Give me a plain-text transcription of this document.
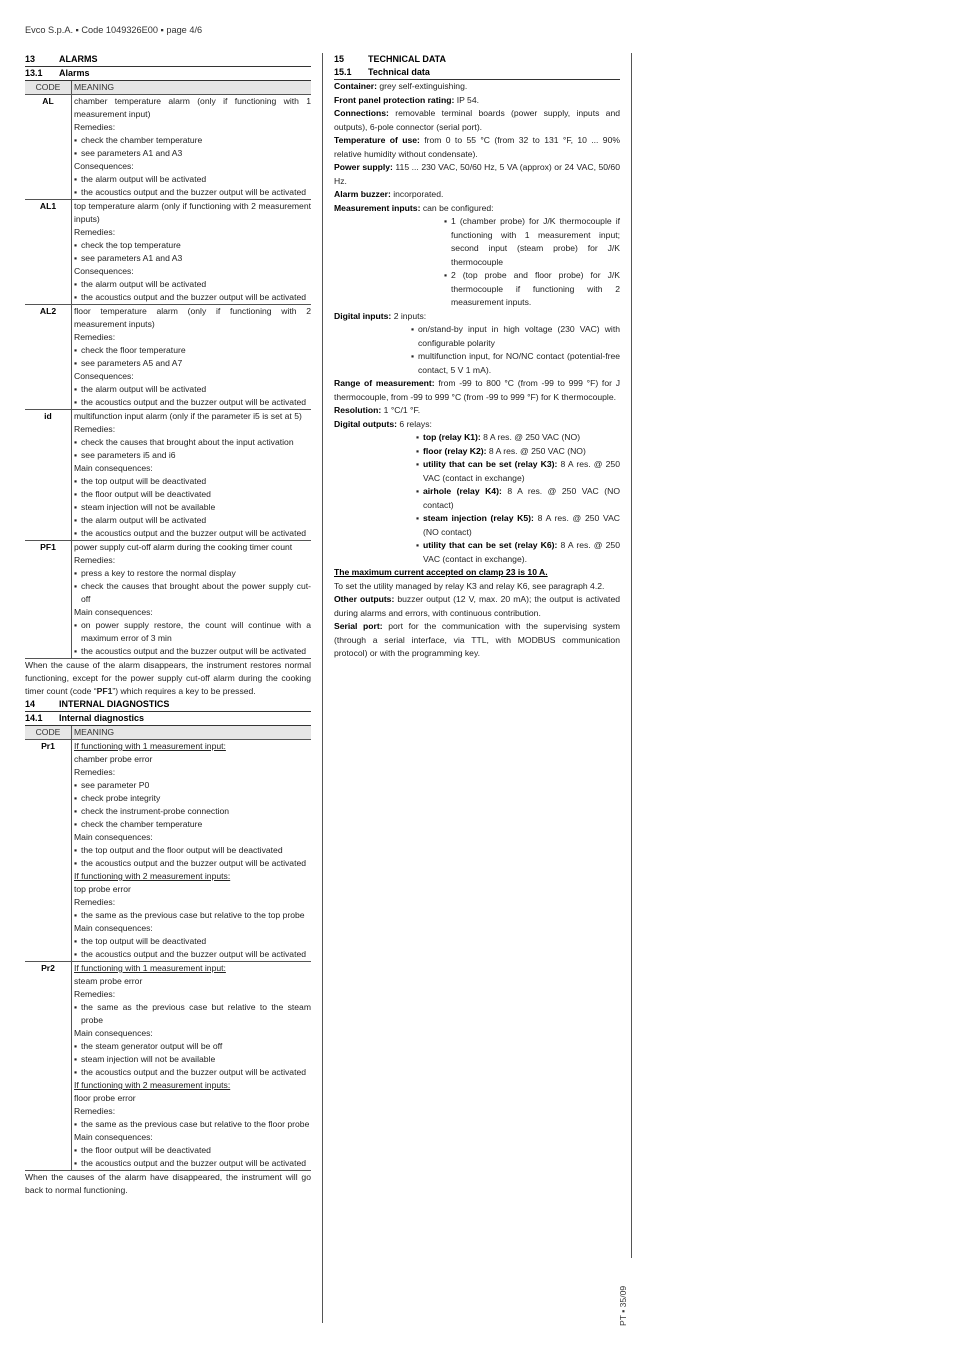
Evco S.p.A. ▪ Code 1049326E00 ▪ page 4/6
13	ALARMS
13.1	Alarms
CODE	MEANING
AL	chamber temperature alarm (only if functioning with 1 measurement input)
Remedies:
▪ check the chamber temperature
▪ see parameters A1 and A3
Consequences:
▪ the alarm output will be activated
▪ the acoustics output and the buzzer output will be activated
AL1	top temperature alarm (only if functioning with 2 measurement inputs)
Remedies:
▪ check the top temperature
▪ see parameters A1 and A3
Consequences:
▪ the alarm output will be activated
▪ the acoustics output and the buzzer output will be activated
AL2	floor temperature alarm (only if functioning with 2 measurement inputs)
Remedies:
▪ check the floor temperature
▪ see parameters A5 and A7
Consequences:
▪ the alarm output will be activated
▪ the acoustics output and the buzzer output will be activated
id	multifunction input alarm (only if the parameter i5 is set at 5)
Remedies:
▪ check the causes that brought about the input activation
▪ see parameters i5 and i6
Main consequences:
▪ the top output will be deactivated
▪ the floor output will be deactivated
▪ steam injection will not be available
▪ the alarm output will be activated
▪ the acoustics output and the buzzer output will be activated
PF1	power supply cut-off alarm during the cooking timer count
Remedies:
▪ press a key to restore the normal display
▪ check the causes that brought about the power supply cut-off
Main consequences:
▪ on power supply restore, the count will continue with a maximum error of 3 min
▪ the acoustics output and the buzzer output will be activated
When the cause of the alarm disappears, the instrument restores normal functioning, except for the power supply cut-off alarm during the cooking timer count (code “PF1”) which requires a key to be pressed.
14	INTERNAL DIAGNOSTICS
14.1	Internal diagnostics
CODE	MEANING
Pr1	If functioning with 1 measurement input:
chamber probe error
Remedies:
▪ see parameter P0
▪ check probe integrity
▪ check the instrument-probe connection
▪ check the chamber temperature
Main consequences:
▪ the top output and the floor output will be deactivated
▪ the acoustics output and the buzzer output will be activated
If functioning with 2 measurement inputs:
top probe error
Remedies:
▪ the same as the previous case but relative to the top probe
Main consequences:
▪ the top output will be deactivated
▪ the acoustics output and the buzzer output will be activated
Pr2	If functioning with 1 measurement input:
steam probe error
Remedies:
▪ the same as the previous case but relative to the steam probe
Main consequences:
▪ the steam generator output will be off
▪ steam injection will not be available
▪ the acoustics output and the buzzer output will be activated
If functioning with 2 measurement inputs:
floor probe error
Remedies:
▪ the same as the previous case but relative to the floor probe
Main consequences:
▪ the floor output will be deactivated
▪ the acoustics output and the buzzer output will be activated
When the causes of the alarm have disappeared, the instrument will go back to normal functioning.
15	TECHNICAL DATA
15.1	Technical data
Container: grey self-extinguishing.
Front panel protection rating: IP 54.
Connections: removable terminal boards (power supply, inputs and outputs), 6-pole connector (serial port).
Temperature of use: from 0 to 55 °C (from 32 to 131 °F, 10 ... 90% relative humidity without condensate).
Power supply: 115 ... 230 VAC, 50/60 Hz, 5 VA (approx) or 24 VAC, 50/60 Hz.
Alarm buzzer: incorporated.
Measurement inputs: can be configured:
▪ 1 (chamber probe) for J/K thermocouple if functioning with 1 measurement input; second input (steam probe) for J/K thermocouple
▪ 2 (top probe and floor probe) for J/K thermocouple if functioning with 2 measurement inputs.
Digital inputs: 2 inputs:
▪ on/stand-by input in high voltage (230 VAC) with configurable polarity
▪ multifunction input, for NO/NC contact (potential-free contact, 5 V 1 mA).
Range of measurement: from -99 to 800 °C (from -99 to 999 °F) for J thermocouple, from -99 to 999 °C (from -99 to 999 °F) for K thermocouple.
Resolution: 1 °C/1 °F.
Digital outputs: 6 relays:
▪ top (relay K1): 8 A res. @ 250 VAC (NO)
▪ floor (relay K2): 8 A res. @ 250 VAC (NO)
▪ utility that can be set (relay K3): 8 A res. @ 250 VAC (contact in exchange)
▪ airhole (relay K4): 8 A res. @ 250 VAC (NO contact)
▪ steam injection (relay K5): 8 A res. @ 250 VAC (NO contact)
▪ utility that can be set (relay K6): 8 A res. @ 250 VAC (contact in exchange).
The maximum current accepted on clamp 23 is 10 A.
To set the utility managed by relay K3 and relay K6, see paragraph 4.2.
Other outputs: buzzer output (12 V, max. 20 mA); the output is activated during alarms and errors, with continuous contribution.
Serial port: port for the communication with the supervising system (through a serial interface, via TTL, with MODBUS communication protocol) or with the programming key.
PT ▪ 35/09
